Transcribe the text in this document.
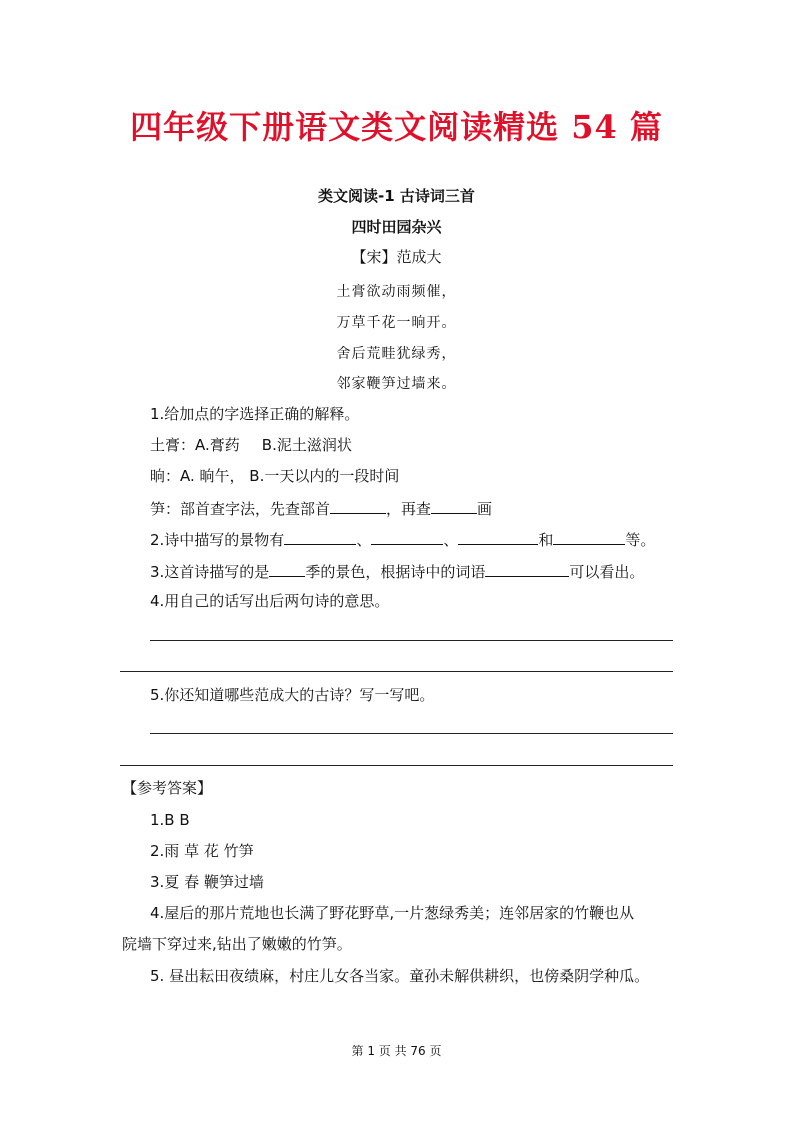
四年级下册语文类文阅读精选 54 篇
类文阅读-1 古诗词三首
四时田园杂兴
【宋】范成大
土膏欲动雨频催，
万草千花一晌开。
舍后荒畦犹绿秀，
邻家鞭笋过墙来。
1.给加点的字选择正确的解释。
土膏：A.膏药 B.泥土滋润状
晌：A. 晌午， B.一天以内的一段时间
笋：部首查字法，先查部首	，再查	画
2.诗中描写的景物有	、	、	和	等。
3.这首诗描写的是 季的景色，根据诗中的词语	可以看出。
4.用自己的话写出后两句诗的意思。
5.你还知道哪些范成大的古诗？写一写吧。
【参考答案】
1.B B
2.雨 草 花 竹笋
3.夏 春 鞭笋过墙
4.屋后的那片荒地也长满了野花野草,一片葱绿秀美；连邻居家的竹鞭也从
院墙下穿过来,钻出了嫩嫩的竹笋。
5. 昼出耘田夜绩麻，村庄儿女各当家。童孙未解供耕织，也傍桑阴学种瓜。
第 1 页 共 76 页
